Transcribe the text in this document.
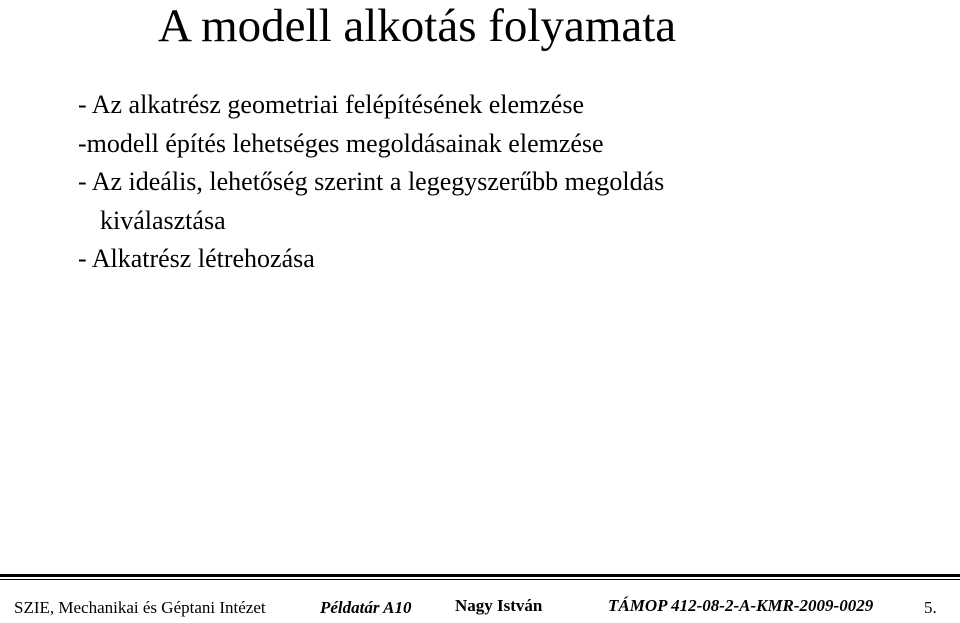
A modell alkotás folyamata
- Az alkatrész geometriai felépítésének elemzése
-modell építés lehetséges megoldásainak elemzése
- Az ideális, lehetőség szerint a legegyszerűbb megoldás
kiválasztása
- Alkatrész létrehozása
SZIE, Mechanikai és Géptani Intézet	Példatár A10	Nagy István	TÁMOP 412-08-2-A-KMR-2009-0029	5.
